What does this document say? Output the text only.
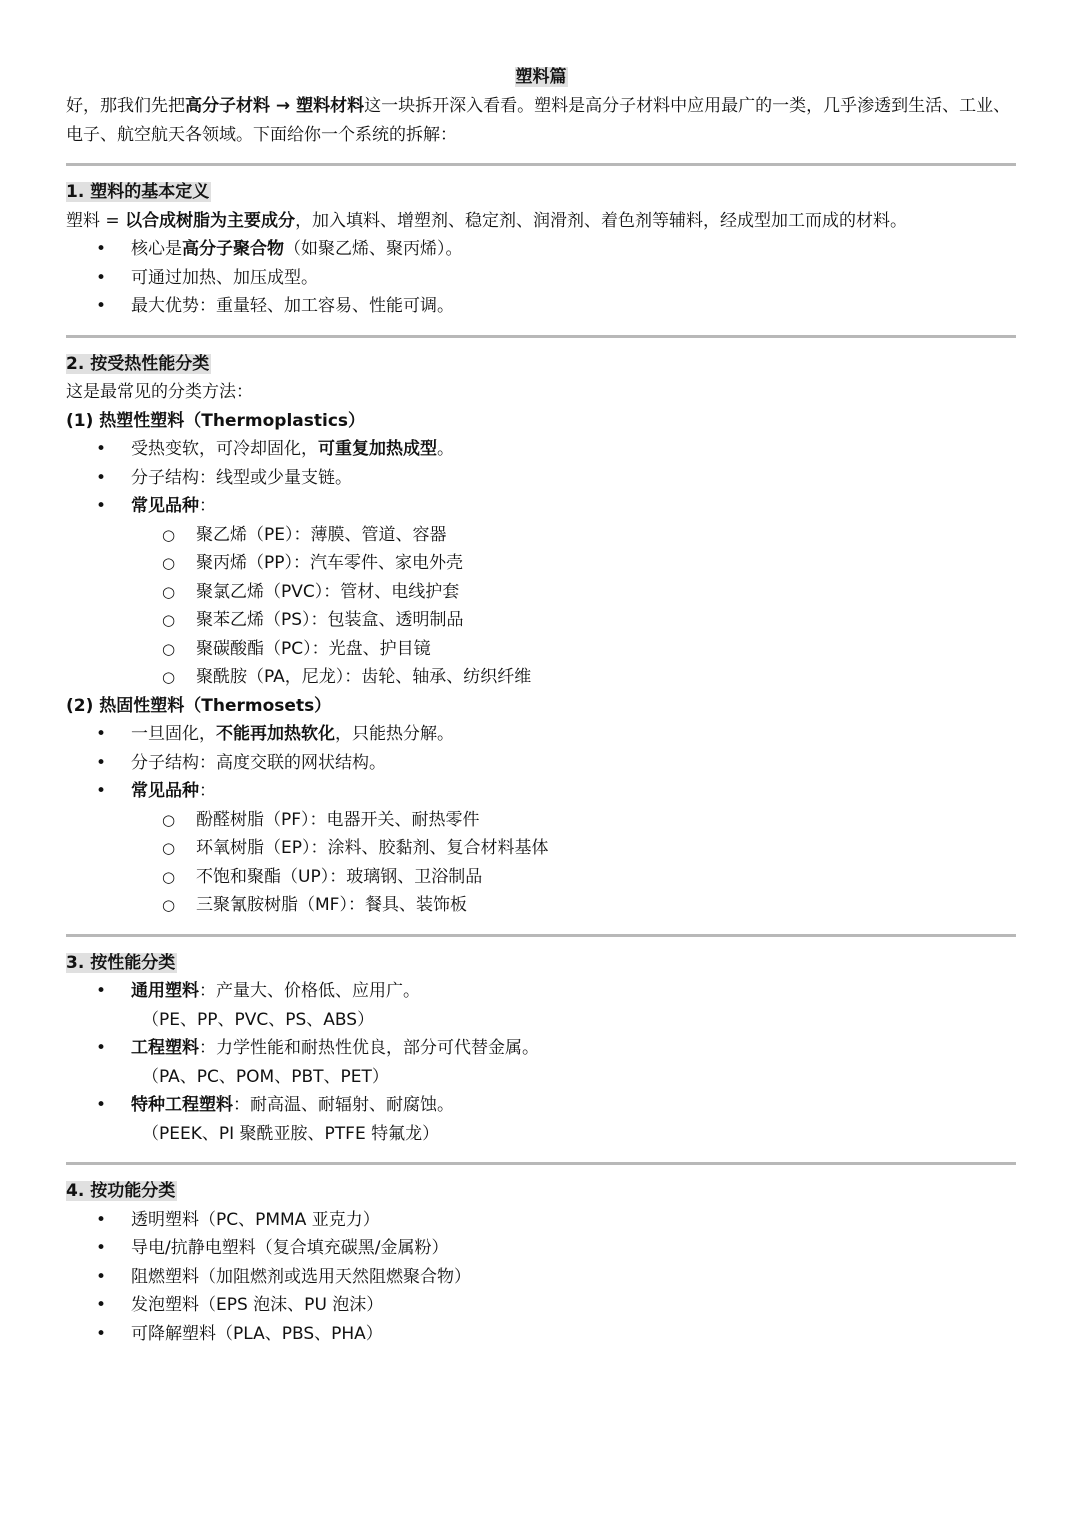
塑料篇

好，那我们先把高分子材料 → 塑料材料这一块拆开深入看看。塑料是高分子材料中应用最广的一类，几乎渗透到生活、工业、电子、航空航天各领域。下面给你一个系统的拆解：

1. 塑料的基本定义

塑料 = 以合成树脂为主要成分，加入填料、增塑剂、稳定剂、润滑剂、着色剂等辅料，经成型加工而成的材料。

• 核心是高分子聚合物（如聚乙烯、聚丙烯）。
• 可通过加热、加压成型。
• 最大优势：重量轻、加工容易、性能可调。
2. 按受热性能分类

这是最常见的分类方法：

(1) 热塑性塑料（Thermoplastics）
• 受热变软，可冷却固化，可重复加热成型。
• 分子结构：线型或少量支链。
• 常见品种：
○ 聚乙烯（PE）：薄膜、管道、容器
○ 聚丙烯（PP）：汽车零件、家电外壳
○ 聚氯乙烯（PVC）：管材、电线护套
○ 聚苯乙烯（PS）：包装盒、透明制品
○ 聚碳酸酯（PC）：光盘、护目镜
○ 聚酰胺（PA，尼龙）：齿轮、轴承、纺织纤维
(2) 热固性塑料（Thermosets）
• 一旦固化，不能再加热软化，只能热分解。
• 分子结构：高度交联的网状结构。
• 常见品种：
○ 酚醛树脂（PF）：电器开关、耐热零件
○ 环氧树脂（EP）：涂料、胶黏剂、复合材料基体
○ 不饱和聚酯（UP）：玻璃钢、卫浴制品
○ 三聚氰胺树脂（MF）：餐具、装饰板
3. 按性能分类
• 通用塑料：产量大、价格低、应用广。
（PE、PP、PVC、PS、ABS）
• 工程塑料：力学性能和耐热性优良，部分可代替金属。
（PA、PC、POM、PBT、PET）
• 特种工程塑料：耐高温、耐辐射、耐腐蚀。
（PEEK、PI 聚酰亚胺、PTFE 特氟龙）
4. 按功能分类
• 透明塑料（PC、PMMA 亚克力）
• 导电/抗静电塑料（复合填充碳黑/金属粉）
• 阻燃塑料（加阻燃剂或选用天然阻燃聚合物）
• 发泡塑料（EPS 泡沫、PU 泡沫）
• 可降解塑料（PLA、PBS、PHA）
